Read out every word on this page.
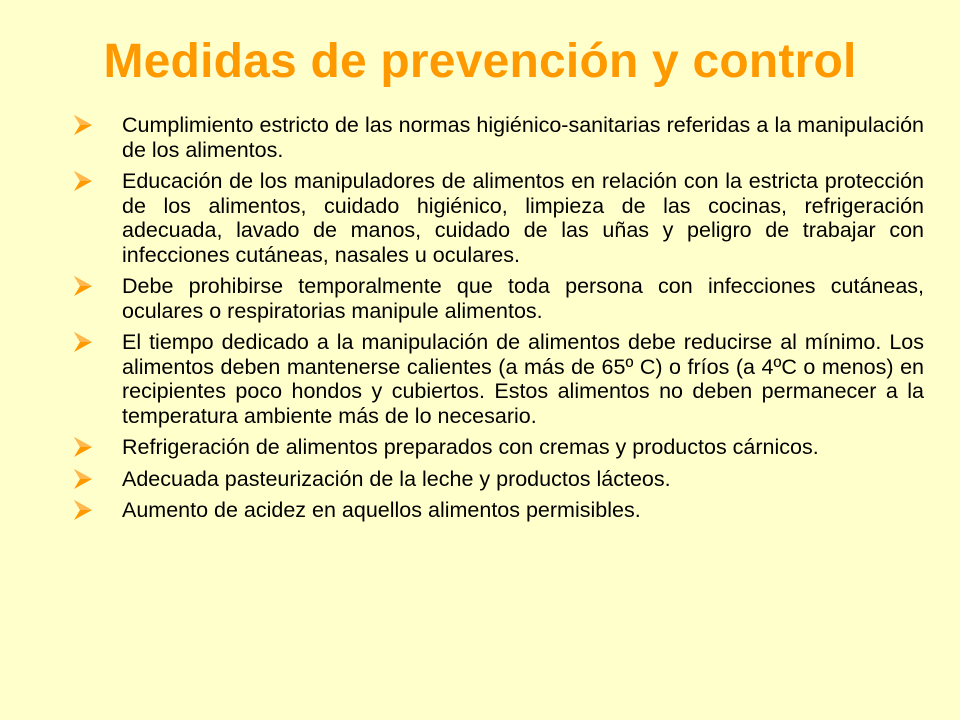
Medidas de prevención y control
Cumplimiento estricto de las normas higiénico-sanitarias referidas a la manipulación de los alimentos.
Educación de los manipuladores de alimentos en relación con la estricta protección de los alimentos, cuidado higiénico, limpieza de las cocinas, refrigeración adecuada, lavado de manos, cuidado de las uñas y peligro de trabajar con infecciones cutáneas, nasales u oculares.
Debe prohibirse temporalmente que toda persona con infecciones cutáneas, oculares o respiratorias manipule alimentos.
El tiempo dedicado a la manipulación de alimentos debe reducirse al mínimo. Los alimentos deben mantenerse calientes (a más de 65º C) o fríos (a 4ºC o menos) en recipientes poco hondos y cubiertos. Estos alimentos no deben permanecer a la temperatura ambiente más de lo necesario.
Refrigeración de alimentos preparados con cremas y productos cárnicos.
Adecuada pasteurización de la leche y productos lácteos.
Aumento de acidez en aquellos alimentos permisibles.
